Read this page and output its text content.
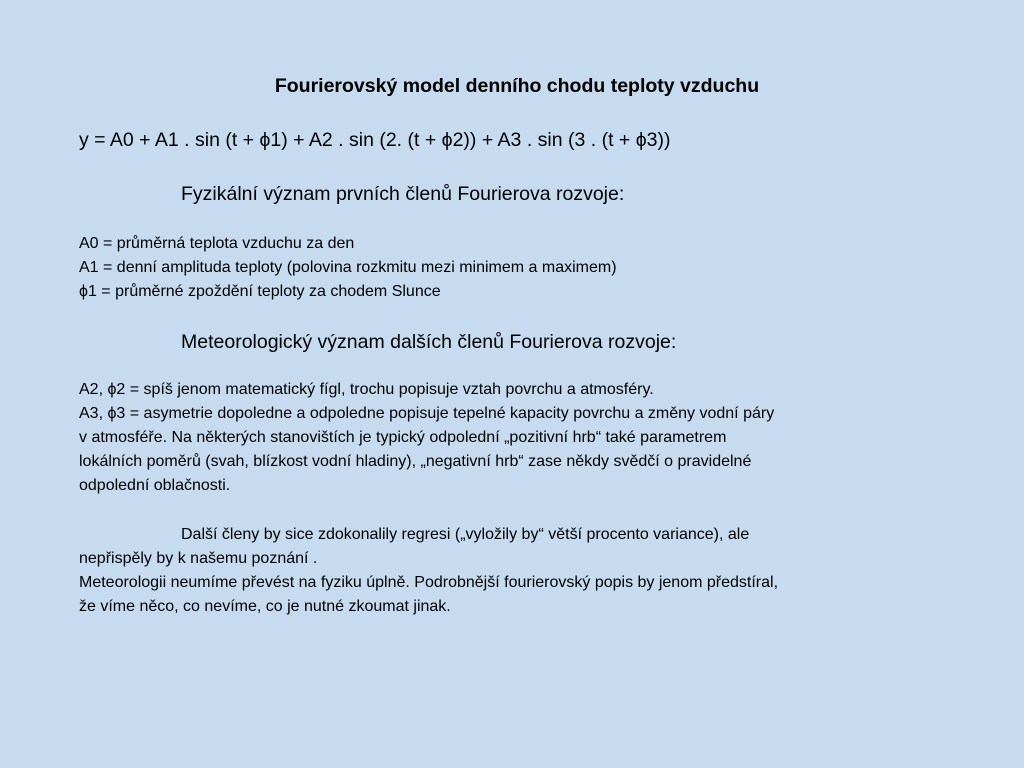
Fourierovský model denního chodu teploty vzduchu
y = A0 + A1 . sin (t + ϕ1) + A2 . sin (2. (t + ϕ2)) + A3 . sin (3 . (t + ϕ3))
Fyzikální význam prvních členů Fourierova rozvoje:

A0 = průměrná teplota vzduchu za den

A1 = denní amplituda teploty (polovina rozkmitu mezi minimem a maximem)

ϕ1 = průměrné zpoždění teploty za chodem Slunce

Meteorologický význam dalších členů Fourierova rozvoje:

A2, ϕ2 = spíš jenom matematický fígl, trochu popisuje vztah povrchu a atmosféry.

A3, ϕ3 = asymetrie dopoledne a odpoledne popisuje tepelné kapacity povrchu a změny vodní páry

v atmosféře. Na některých stanovištích je typický odpolední „pozitivní hrb“ také parametrem

lokálních poměrů (svah, blízkost vodní hladiny), „negativní hrb“ zase někdy svědčí o pravidelné

odpolední oblačnosti.

Další členy by sice zdokonalily regresi („vyložily by“ větší procento variance), ale

nepřispěly by k našemu poznání .

Meteorologii neumíme převést na fyziku úplně. Podrobnější fourierovský popis by jenom předstíral,

že víme něco, co nevíme, co je nutné zkoumat jinak.
